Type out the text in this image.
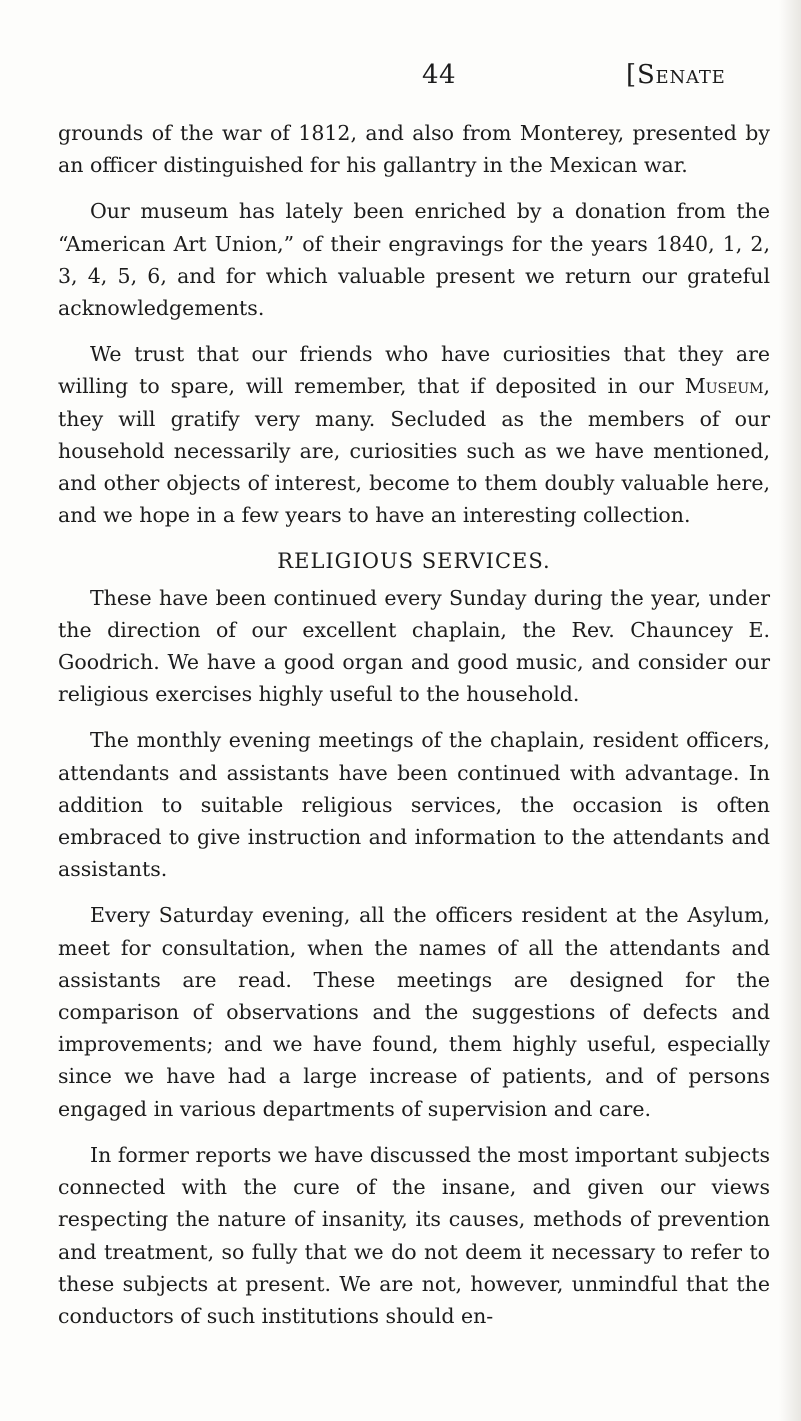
44	[Senate

grounds of the war of 1812, and also from Monterey, presented by an officer distinguished for his gallantry in the Mexican war.

Our museum has lately been enriched by a donation from the “American Art Union,” of their engravings for the years 1840, 1, 2, 3, 4, 5, 6, and for which valuable present we return our grateful acknowledgements.

We trust that our friends who have curiosities that they are willing to spare, will remember, that if deposited in our Museum, they will gratify very many. Secluded as the members of our household necessarily are, curiosities such as we have mentioned, and other objects of interest, become to them doubly valuable here, and we hope in a few years to have an interesting collection.

RELIGIOUS SERVICES.

These have been continued every Sunday during the year, under the direction of our excellent chaplain, the Rev. Chauncey E. Goodrich. We have a good organ and good music, and consider our religious exercises highly useful to the household.

The monthly evening meetings of the chaplain, resident officers, attendants and assistants have been continued with advantage. In addition to suitable religious services, the occasion is often embraced to give instruction and information to the attendants and assistants.

Every Saturday evening, all the officers resident at the Asylum, meet for consultation, when the names of all the attendants and assistants are read. These meetings are designed for the comparison of observations and the suggestions of defects and improvements; and we have found, them highly useful, especially since we have had a large increase of patients, and of persons engaged in various departments of supervision and care.

In former reports we have discussed the most important subjects connected with the cure of the insane, and given our views respecting the nature of insanity, its causes, methods of prevention and treatment, so fully that we do not deem it necessary to refer to these subjects at present. We are not, however, unmindful that the conductors of such institutions should en-
